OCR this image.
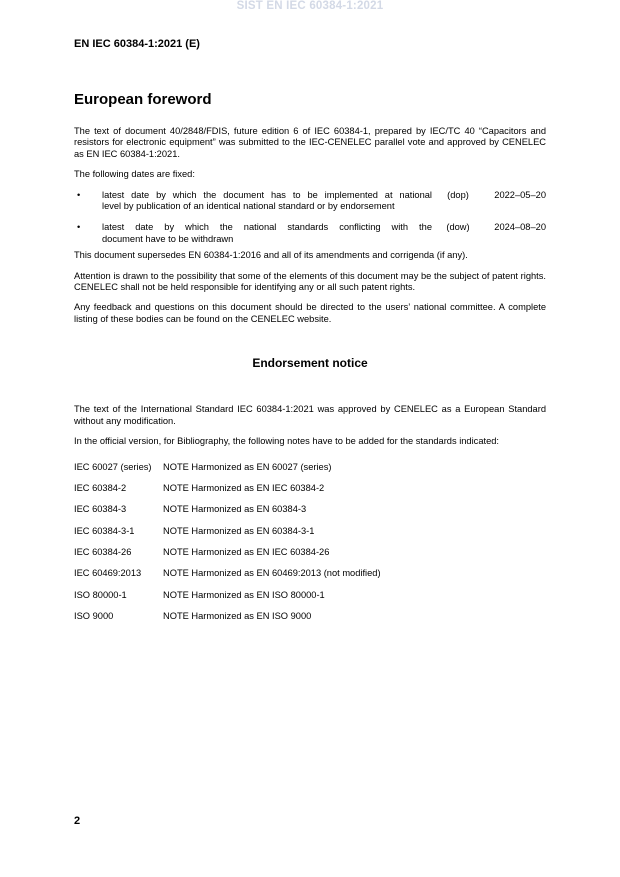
SIST EN IEC 60384-1:2021
EN IEC 60384-1:2021 (E)
European foreword

The text of document 40/2848/FDIS, future edition 6 of IEC 60384-1, prepared by IEC/TC 40 “Capacitors and resistors for electronic equipment” was submitted to the IEC-CENELEC parallel vote and approved by CENELEC as EN IEC 60384-1:2021.

The following dates are fixed:

•	latest date by which the document has to be implemented at national
level by publication of an identical national standard or by endorsement
(dop)	2022–05–20
•	latest date by which the national standards conflicting with the
document have to be withdrawn
(dow)	2024–08–20

This document supersedes EN 60384-1:2016 and all of its amendments and corrigenda (if any).

Attention is drawn to the possibility that some of the elements of this document may be the subject of patent rights. CENELEC shall not be held responsible for identifying any or all such patent rights.

Any feedback and questions on this document should be directed to the users’ national committee. A complete listing of these bodies can be found on the CENELEC website.

Endorsement notice

The text of the International Standard IEC 60384-1:2021 was approved by CENELEC as a European Standard without any modification.

In the official version, for Bibliography, the following notes have to be added for the standards indicated:

IEC 60027 (series)	NOTE Harmonized as EN 60027 (series)
IEC 60384-2	NOTE Harmonized as EN IEC 60384-2
IEC 60384-3	NOTE Harmonized as EN 60384-3
IEC 60384-3-1	NOTE Harmonized as EN 60384-3-1
IEC 60384-26	NOTE Harmonized as EN IEC 60384-26
IEC 60469:2013	NOTE Harmonized as EN 60469:2013 (not modified)
ISO 80000-1	NOTE Harmonized as EN ISO 80000-1
ISO 9000	NOTE Harmonized as EN ISO 9000
2
